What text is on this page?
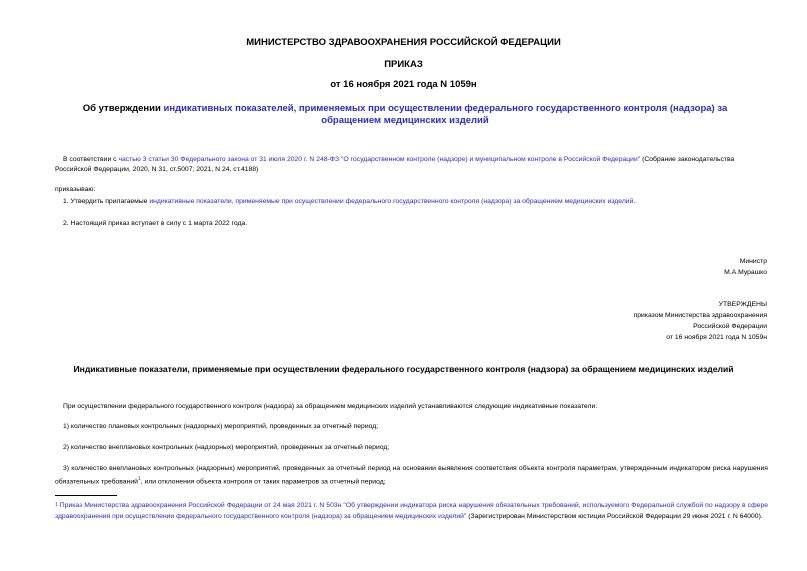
МИНИСТЕРСТВО ЗДРАВООХРАНЕНИЯ РОССИЙСКОЙ ФЕДЕРАЦИИ
ПРИКАЗ
от 16 ноября 2021 года N 1059н
Об утверждении индикативных показателей, применяемых при осуществлении федерального государственного контроля (надзора) за обращением медицинских изделий
В соответствии с частью 3 статьи 30 Федерального закона от 31 июля 2020 г. N 248-ФЗ "О государственном контроле (надзоре) и муниципальном контроле в Российской Федерации" (Собрание законодательства Российской Федерации, 2020, N 31, ст.5007; 2021, N 24, ст.4188)
приказываю:
1. Утвердить прилагаемые индикативные показатели, применяемые при осуществлении федерального государственного контроля (надзора) за обращением медицинских изделий.
2. Настоящий приказ вступает в силу с 1 марта 2022 года.
Министр
М.А.Мурашко
УТВЕРЖДЕНЫ
приказом Министерства здравоохранения
Российской Федерации
от 16 ноября 2021 года N 1059н
Индикативные показатели, применяемые при осуществлении федерального государственного контроля (надзора) за обращением медицинских изделий
При осуществлении федерального государственного контроля (надзора) за обращением медицинских изделий устанавливаются следующие индикативные показатели:
1) количество плановых контрольных (надзорных) мероприятий, проведенных за отчетный период;
2) количество внеплановых контрольных (надзорных) мероприятий, проведенных за отчетный период;
3) количество внеплановых контрольных (надзорных) мероприятий, проведенных за отчетный период на основании выявления соответствия объекта контроля параметрам, утвержденным индикатором риска нарушения обязательных требований$^1$, или отклонения объекта контроля от таких параметров за отчетный период;
$^1$ Приказ Министерства здравоохранения Российской Федерации от 24 мая 2021 г. N 503н "Об утверждении индикатора риска нарушения обязательных требований, используемого Федеральной службой по надзору в сфере здравоохранения при осуществлении федерального государственного контроля (надзора) за обращением медицинских изделий" (Зарегистрирован Министерством юстиции Российской Федерации 29 июня 2021 г. N 64000).
